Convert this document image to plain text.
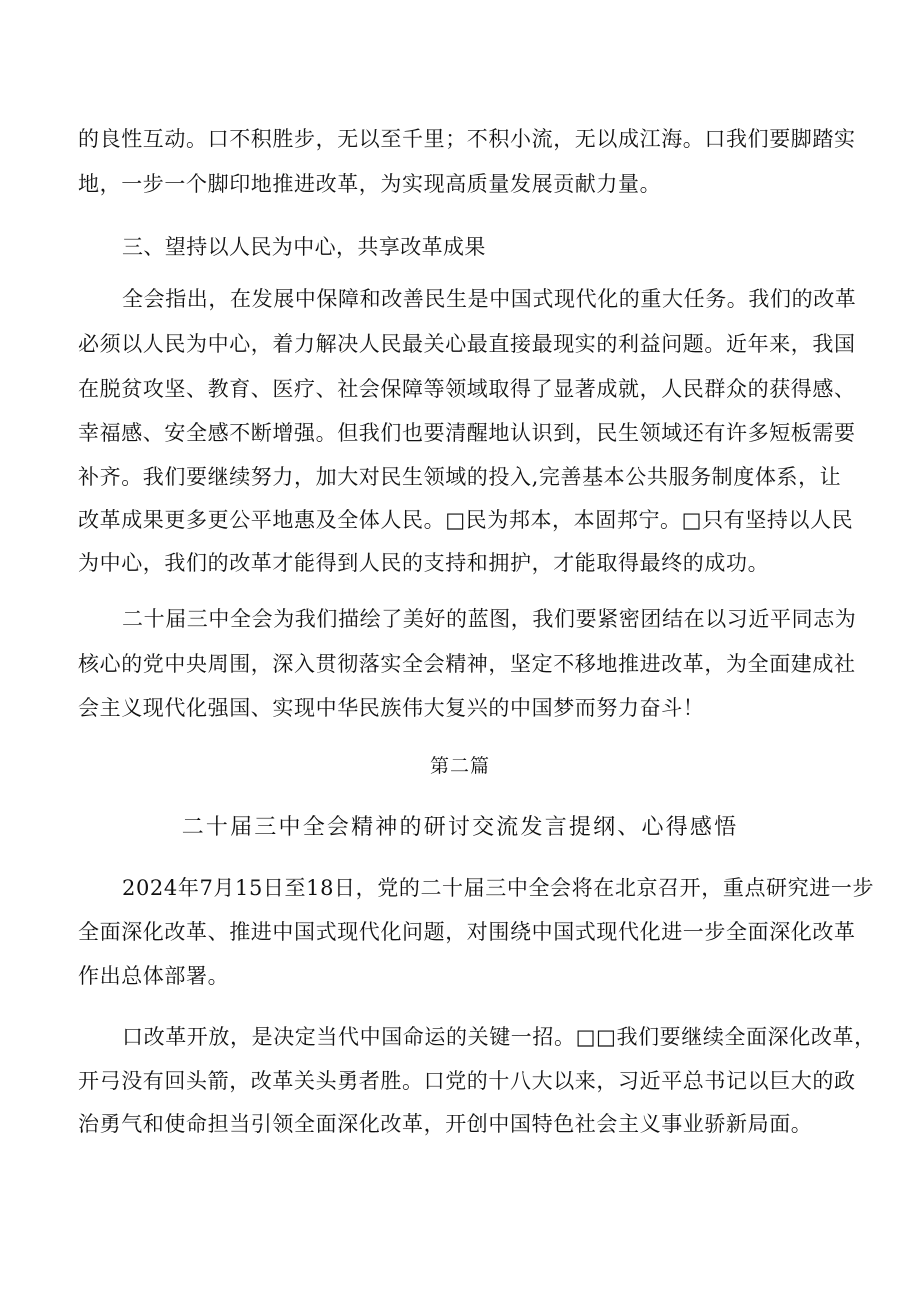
的良性互动。口不积胜步，无以至千里；不积小流，无以成江海。口我们要脚踏实
地，一步一个脚印地推进改革，为实现高质量发展贡献力量。
三、望持以人民为中心，共享改革成果
全会指出，在发展中保障和改善民生是中国式现代化的重大任务。我们的改革
必须以人民为中心，着力解决人民最关心最直接最现实的利益问题。近年来，我国
在脱贫攻坚、教育、医疗、社会保障等领域取得了显著成就，人民群众的获得感、
幸福感、安全感不断增强。但我们也要清醒地认识到，民生领域还有许多短板需要
补齐。我们要继续努力，加大对民生领域的投入,完善基本公共服务制度体系，让
改革成果更多更公平地惠及全体人民。□民为邦本，本固邦宁。□只有坚持以人民
为中心，我们的改革才能得到人民的支持和拥护，才能取得最终的成功。
二十届三中全会为我们描绘了美好的蓝图，我们要紧密团结在以习近平同志为
核心的党中央周围，深入贯彻落实全会精神，坚定不移地推进改革，为全面建成社
会主义现代化强国、实现中华民族伟大复兴的中国梦而努力奋斗！
第二篇
二十届三中全会精神的研讨交流发言提纲、心得感悟
2024年7月15日至18日，党的二十届三中全会将在北京召开，重点研究进一步
全面深化改革、推进中国式现代化问题，对围绕中国式现代化进一步全面深化改革
作出总体部署。
口改革开放，是决定当代中国命运的关键一招。□□我们要继续全面深化改革，
开弓没有回头箭，改革关头勇者胜。口党的十八大以来，习近平总书记以巨大的政
治勇气和使命担当引领全面深化改革，开创中国特色社会主义事业骄新局面。
